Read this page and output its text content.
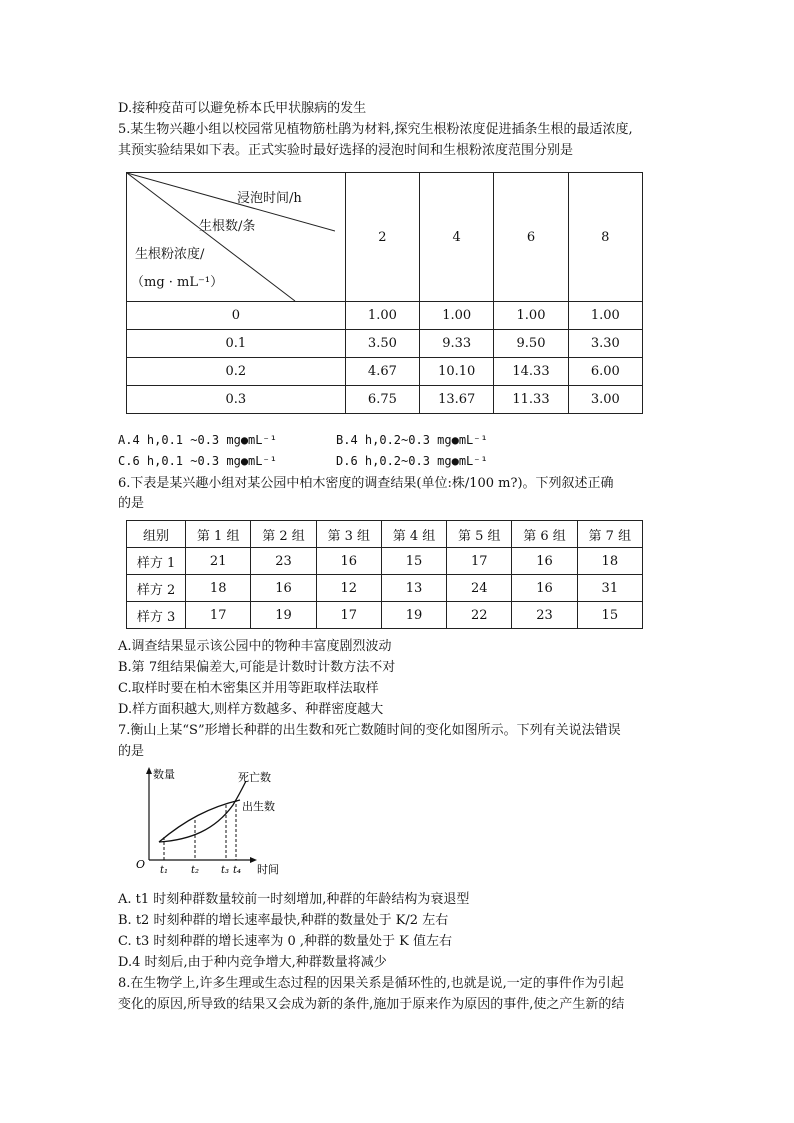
D.接种疫苗可以避免桥本氏甲状腺病的发生
5.某生物兴趣小组以校园常见植物筋杜鹃为材料,探究生根粉浓度促进插条生根的最适浓度,
其预实验结果如下表。正式实验时最好选择的浸泡时间和生根粉浓度范围分别是
浸泡时间/h
生根数/条
生根粉浓度/
（mg · mL⁻¹）	2	4	6	8
0	1.00	1.00	1.00	1.00
0.1	3.50	9.33	9.50	3.30
0.2	4.67	10.10	14.33	6.00
0.3	6.75	13.67	11.33	3.00
A.4 h,0.1 ~0.3 mg●mL⁻¹	B.4 h,0.2~0.3 mg●mL⁻¹
C.6 h,0.1 ~0.3 mg●mL⁻¹	D.6 h,0.2~0.3 mg●mL⁻¹
6.下表是某兴趣小组对某公园中柏木密度的调查结果(单位:株/100 m?)。下列叙述正确
的是
组别	第 1 组	第 2 组	第 3 组	第 4 组	第 5 组	第 6 组	第 7 组
样方 1	21	23	16	15	17	16	18
样方 2	18	16	12	13	24	16	31
样方 3	17	19	17	19	22	23	15
A.调查结果显示该公园中的物种丰富度剧烈波动
B.第 7组结果偏差大,可能是计数时计数方法不对
C.取样时要在柏木密集区并用等距取样法取样
D.样方面积越大,则样方数越多、种群密度越大
7.衡山上某“S”形增长种群的出生数和死亡数随时间的变化如图所示。下列有关说法错误
的是
数量
时间
O
死亡数
出生数
t₁ t₂ t₃ t₄
A. t1 时刻种群数量较前一时刻增加,种群的年龄结构为衰退型
B. t2 时刻种群的增长速率最快,种群的数量处于 K/2 左右
C. t3 时刻种群的增长速率为 0 ,种群的数量处于 K 值左右
D.4 时刻后,由于种内竞争增大,种群数量将减少
8.在生物学上,许多生理或生态过程的因果关系是循环性的,也就是说,一定的事件作为引起
变化的原因,所导致的结果又会成为新的条件,施加于原来作为原因的事件,使之产生新的结
